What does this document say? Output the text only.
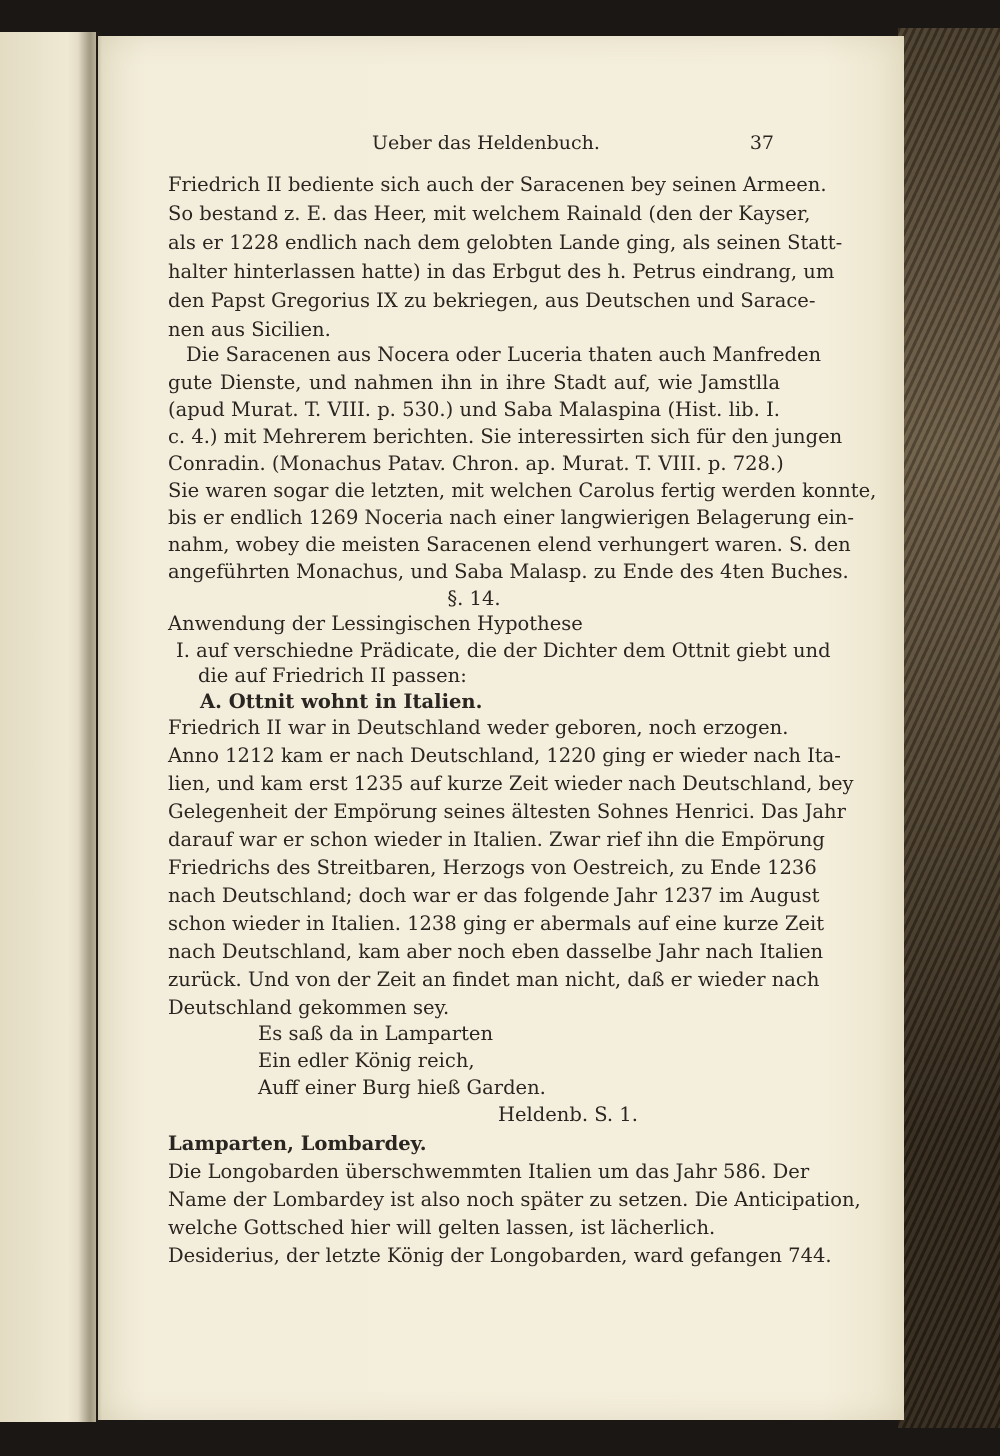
Ueber das Heldenbuch.	37
Friedrich II bediente sich auch der Saracenen bey seinen Armeen.
So bestand z. E. das Heer, mit welchem Rainald (den der Kayser,
als er 1228 endlich nach dem gelobten Lande ging, als seinen Statt-
halter hinterlassen hatte) in das Erbgut des h. Petrus eindrang, um
den Papst Gregorius IX zu bekriegen, aus Deutschen und Sarace-
nen aus Sicilien.
Die Saracenen aus Nocera oder Luceria thaten auch Manfreden
gute Dienste, und nahmen ihn in ihre Stadt auf, wie Jamstlla
(apud Murat. T. VIII. p. 530.) und Saba Malaspina (Hist. lib. I.
c. 4.) mit Mehrerem berichten. Sie interessirten sich für den jungen
Conradin. (Monachus Patav. Chron. ap. Murat. T. VIII. p. 728.)
Sie waren sogar die letzten, mit welchen Carolus fertig werden konnte,
bis er endlich 1269 Noceria nach einer langwierigen Belagerung ein-
nahm, wobey die meisten Saracenen elend verhungert waren. S. den
angeführten Monachus, und Saba Malasp. zu Ende des 4ten Buches.
§. 14.
Anwendung der Lessingischen Hypothese
I. auf verschiedne Prädicate, die der Dichter dem Ottnit giebt und
die auf Friedrich II passen:
A. Ottnit wohnt in Italien.
Friedrich II war in Deutschland weder geboren, noch erzogen.
Anno 1212 kam er nach Deutschland, 1220 ging er wieder nach Ita-
lien, und kam erst 1235 auf kurze Zeit wieder nach Deutschland, bey
Gelegenheit der Empörung seines ältesten Sohnes Henrici. Das Jahr
darauf war er schon wieder in Italien. Zwar rief ihn die Empörung
Friedrichs des Streitbaren, Herzogs von Oestreich, zu Ende 1236
nach Deutschland; doch war er das folgende Jahr 1237 im August
schon wieder in Italien. 1238 ging er abermals auf eine kurze Zeit
nach Deutschland, kam aber noch eben dasselbe Jahr nach Italien
zurück. Und von der Zeit an findet man nicht, daß er wieder nach
Deutschland gekommen sey.
Es saß da in Lamparten
Ein edler König reich,
Auff einer Burg hieß Garden.
Heldenb. S. 1.
Lamparten, Lombardey.
Die Longobarden überschwemmten Italien um das Jahr 586. Der
Name der Lombardey ist also noch später zu setzen. Die Anticipation,
welche Gottsched hier will gelten lassen, ist lächerlich.
Desiderius, der letzte König der Longobarden, ward gefangen 744.
